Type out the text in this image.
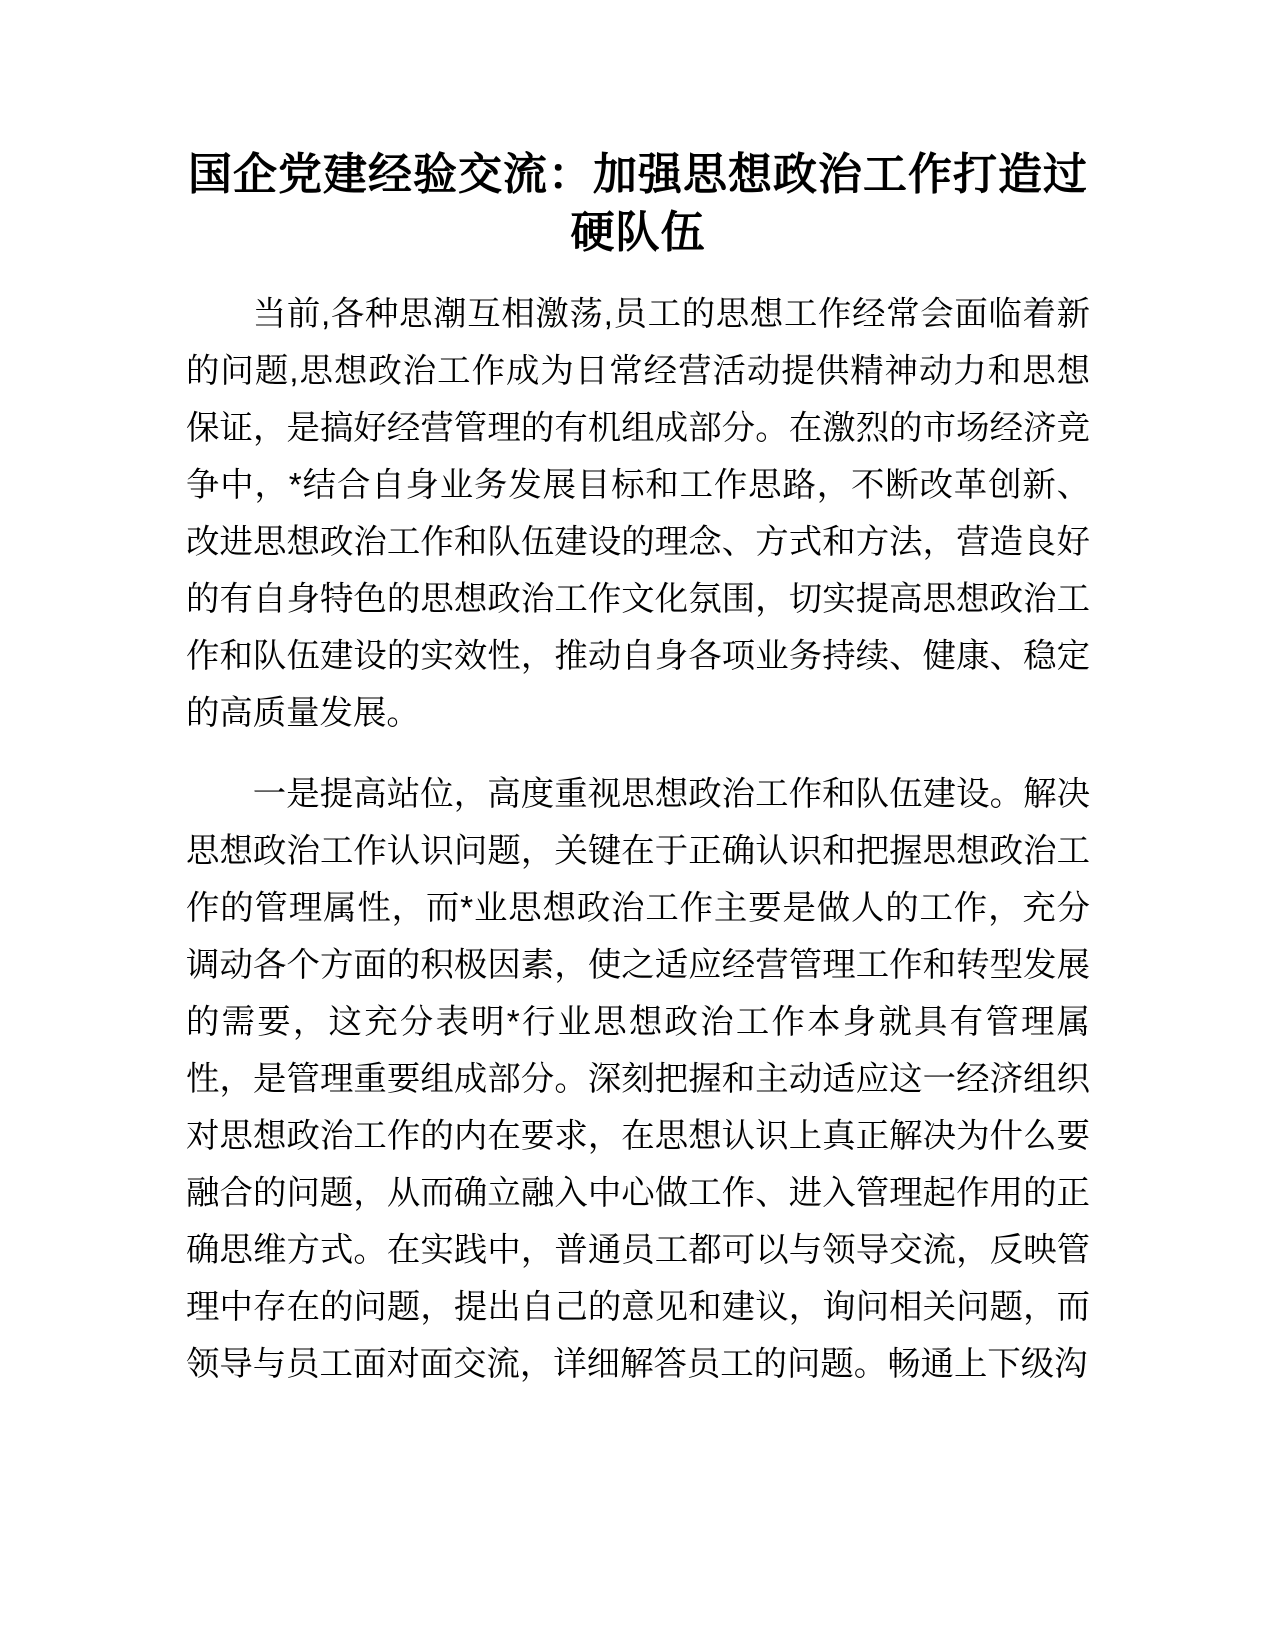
国企党建经验交流：加强思想政治工作打造过硬队伍

当前,各种思潮互相激荡,员工的思想工作经常会面临着新的问题,思想政治工作成为日常经营活动提供精神动力和思想保证，是搞好经营管理的有机组成部分。在激烈的市场经济竞争中，*结合自身业务发展目标和工作思路，不断改革创新、改进思想政治工作和队伍建设的理念、方式和方法，营造良好的有自身特色的思想政治工作文化氛围，切实提高思想政治工作和队伍建设的实效性，推动自身各项业务持续、健康、稳定的高质量发展。

一是提高站位，高度重视思想政治工作和队伍建设。解决思想政治工作认识问题，关键在于正确认识和把握思想政治工作的管理属性，而*业思想政治工作主要是做人的工作，充分调动各个方面的积极因素，使之适应经营管理工作和转型发展的需要，这充分表明*行业思想政治工作本身就具有管理属性，是管理重要组成部分。深刻把握和主动适应这一经济组织对思想政治工作的内在要求，在思想认识上真正解决为什么要融合的问题，从而确立融入中心做工作、进入管理起作用的正确思维方式。在实践中，普通员工都可以与领导交流，反映管理中存在的问题，提出自己的意见和建议，询问相关问题，而领导与员工面对面交流，详细解答员工的问题。畅通上下级沟
